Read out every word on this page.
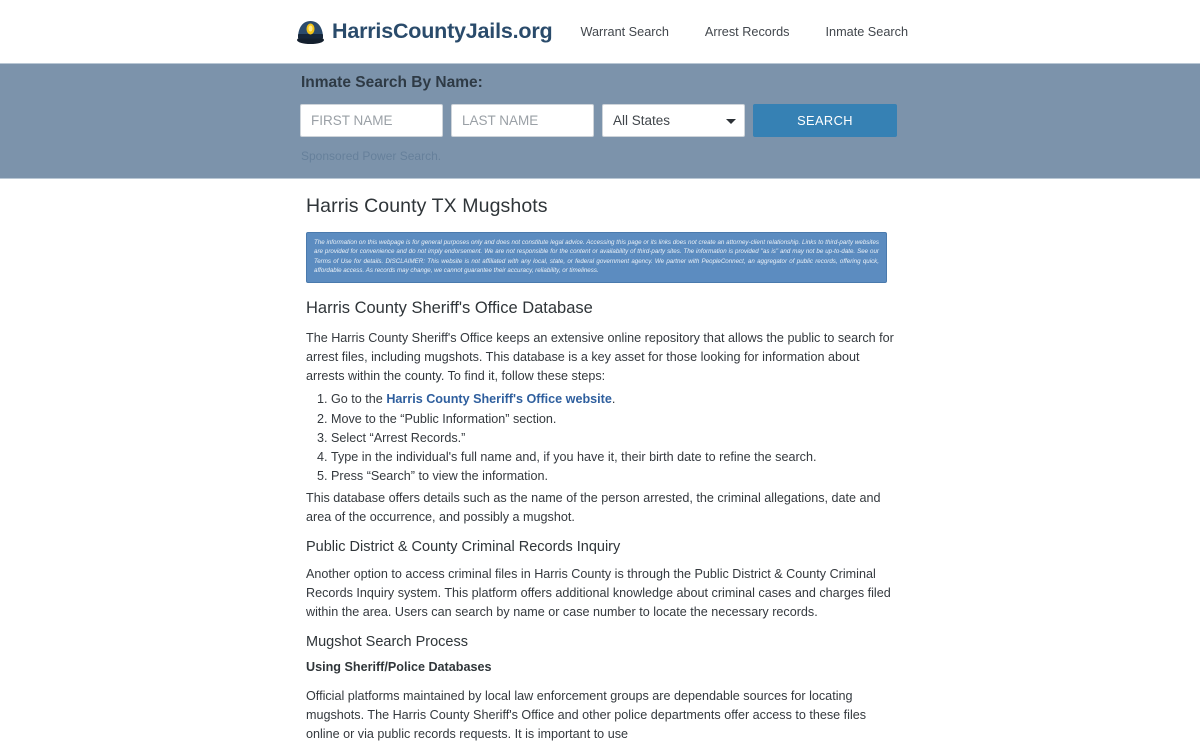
HarrisCountyJails.org Warrant Search	Arrest Records	Inmate Search
Inmate Search By Name:
FIRST NAME
LAST NAME
All States
SEARCH
Sponsored Power Search.
Harris County TX Mugshots

The information on this webpage is for general purposes only and does not constitute legal advice. Accessing this page or its links does not create an attorney-client relationship. Links to third-party websites are provided for convenience and do not imply endorsement. We are not responsible for the content or availability of third-party sites. The information is provided "as is" and may not be up-to-date. See our Terms of Use for details. DISCLAIMER: This website is not affiliated with any local, state, or federal government agency. We partner with PeopleConnect, an aggregator of public records, offering quick, affordable access. As records may change, we cannot guarantee their accuracy, reliability, or timeliness.

Harris County Sheriff's Office Database

The Harris County Sheriff's Office keeps an extensive online repository that allows the public to search for arrest files, including mugshots. This database is a key asset for those looking for information about arrests within the county. To find it, follow these steps:

1. Go to the Harris County Sheriff's Office website.
2. Move to the “Public Information” section.
3. Select “Arrest Records.”
4. Type in the individual's full name and, if you have it, their birth date to refine the search.
5. Press “Search” to view the information.

This database offers details such as the name of the person arrested, the criminal allegations, date and area of the occurrence, and possibly a mugshot.

Public District & County Criminal Records Inquiry

Another option to access criminal files in Harris County is through the Public District & County Criminal Records Inquiry system. This platform offers additional knowledge about criminal cases and charges filed within the area. Users can search by name or case number to locate the necessary records.

Mugshot Search Process
Using Sheriff/Police Databases

Official platforms maintained by local law enforcement groups are dependable sources for locating mugshots. The Harris County Sheriff's Office and other police departments offer access to these files online or via public records requests. It is important to use
